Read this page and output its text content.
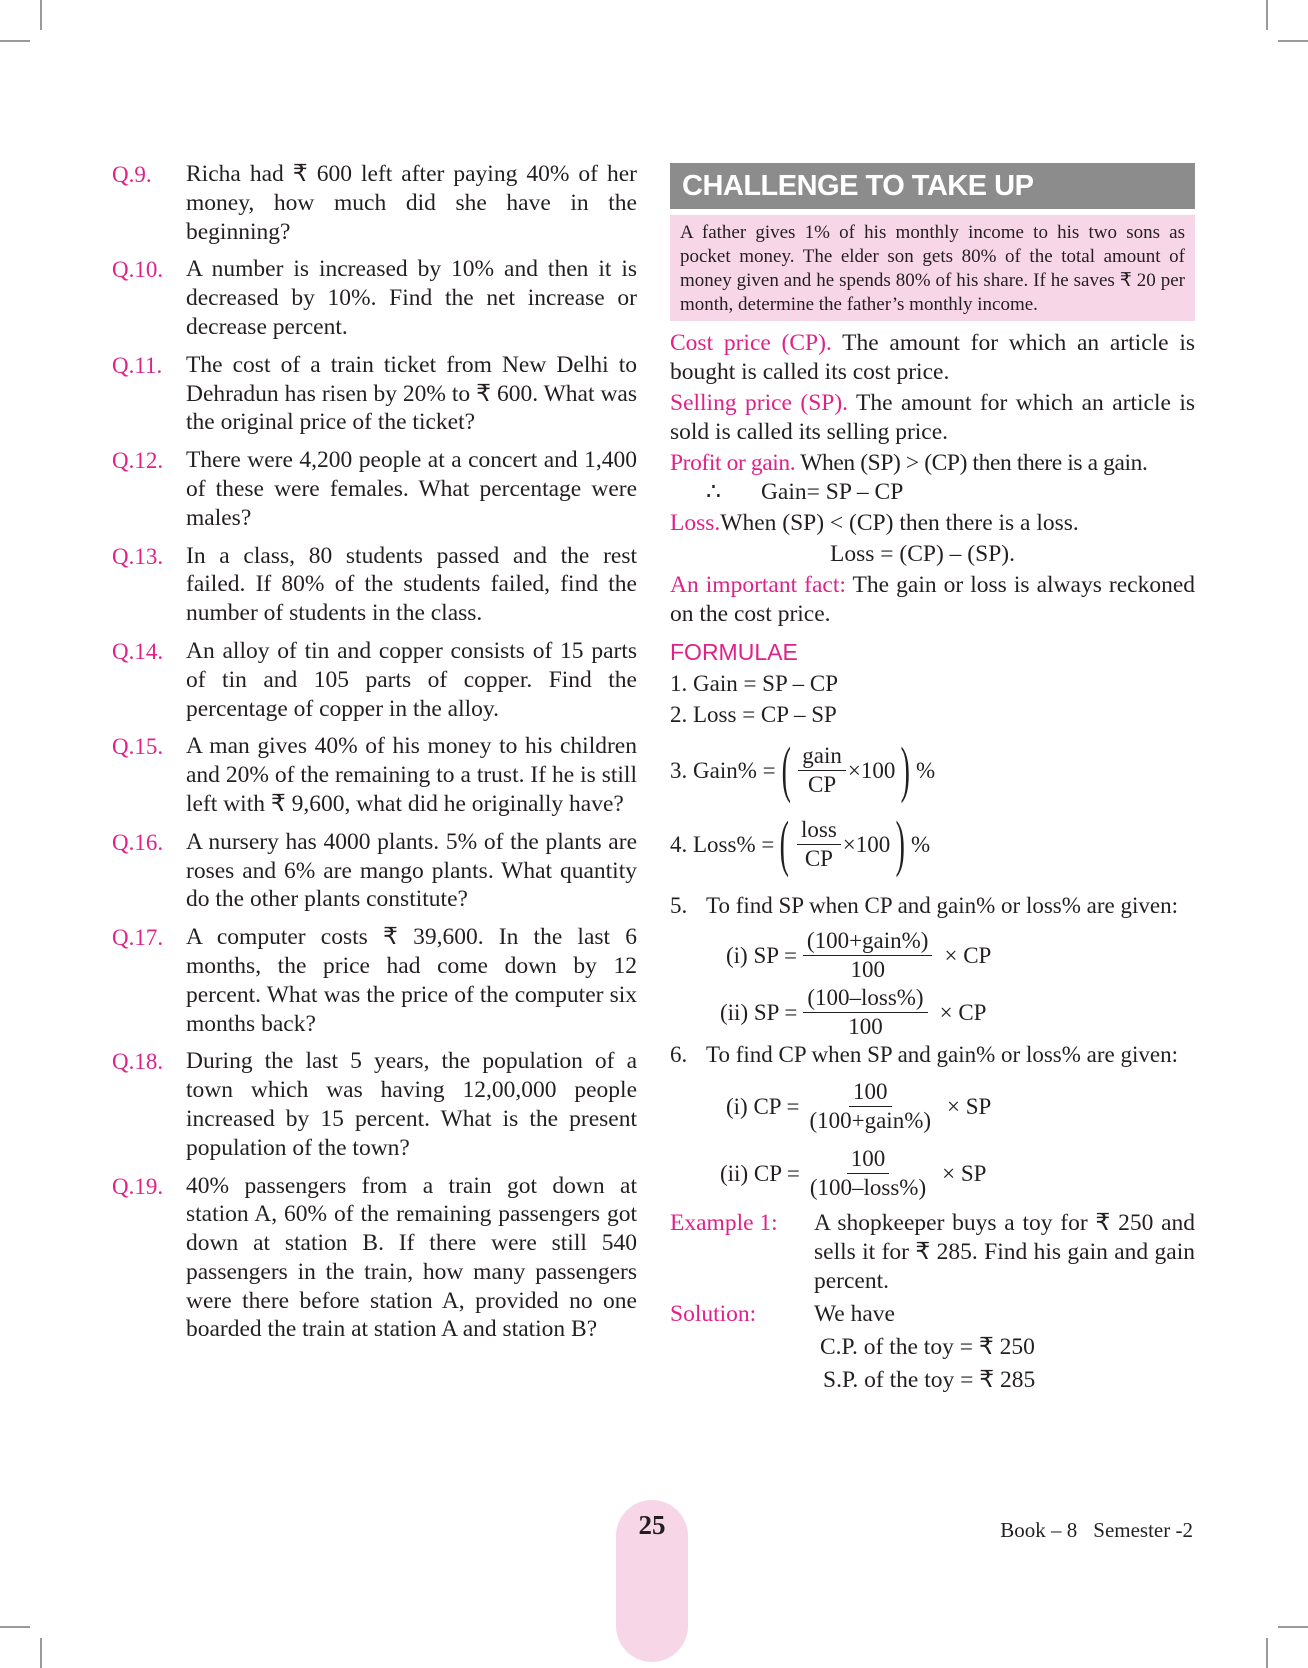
Q.9.	Richa had ₹ 600 left after paying 40% of her money, how much did she have in the beginning?
Q.10. A number is increased by 10% and then it is decreased by 10%. Find the net increase or decrease percent.
Q.11.	The cost of a train ticket from New Delhi to Dehradun has risen by 20% to ₹ 600. What was the original price of the ticket?
Q.12. There were 4,200 people at a concert and 1,400 of these were females. What percentage were males?
Q.13. In a class, 80 students passed and the rest failed. If 80% of the students failed, find the number of students in the class.
Q.14. An alloy of tin and copper consists of 15 parts of tin and 105 parts of copper. Find the percentage of copper in the alloy.
Q.15. A man gives 40% of his money to his children and 20% of the remaining to a trust. If he is still left with ₹ 9,600, what did he originally have?
Q.16. A nursery has 4000 plants. 5% of the plants are roses and 6% are mango plants. What quantity do the other plants constitute?
Q.17. A computer costs ₹ 39,600. In the last 6 months, the price had come down by 12 percent. What was the price of the computer six months back?
Q.18. During the last 5 years, the population of a town which was having 12,00,000 people increased by 15 percent. What is the present population of the town?
Q.19. 40% passengers from a train got down at station A, 60% of the remaining passengers got down at station B. If there were still 540 passengers in the train, how many passengers were there before station A, provided no one boarded the train at station A and station B?
CHALLENGE TO TAKE UP
A father gives 1% of his monthly income to his two sons as pocket money. The elder son gets 80% of the total amount of money given and he spends 80% of his share. If he saves ₹ 20 per month, determine the father’s monthly income.
Cost price (CP). The amount for which an article is bought is called its cost price.
Selling price (SP). The amount for which an article is sold is called its selling price.
Profit or gain. When (SP) > (CP) then there is a gain.
∴ Gain= SP – CP
Loss.When (SP) < (CP) then there is a loss.
Loss = (CP) – (SP).
An important fact: The gain or loss is always reckoned on the cost price.
FORMULAE
1. Gain = SP – CP
2. Loss = CP – SP
3. Gain% = ( $\frac{\text{gain}}{CP} \times 100$ ) %
4. Loss% = ( $\frac{\text{loss}}{CP} \times 100$ ) %
5. To find SP when CP and gain% or loss% are given:
(i) SP = $\frac{\text{(100+gain\%)}}{100}$ × CP
(ii) SP = $\frac{\text{(100–loss\%)}}{100}$ × CP
6. To find CP when SP and gain% or loss% are given:
(i) CP = $\frac{100}{\text{(100+gain\%)}}$ × SP
(ii) CP = $\frac{100}{\text{(100–loss\%)}}$ × SP
Example 1:	A shopkeeper buys a toy for ₹ 250 and sells it for ₹ 285. Find his gain and gain percent.
Solution:	We have
C.P. of the toy = ₹ 250
S.P. of the toy = ₹ 285
25	Book – 8 Semester -2
